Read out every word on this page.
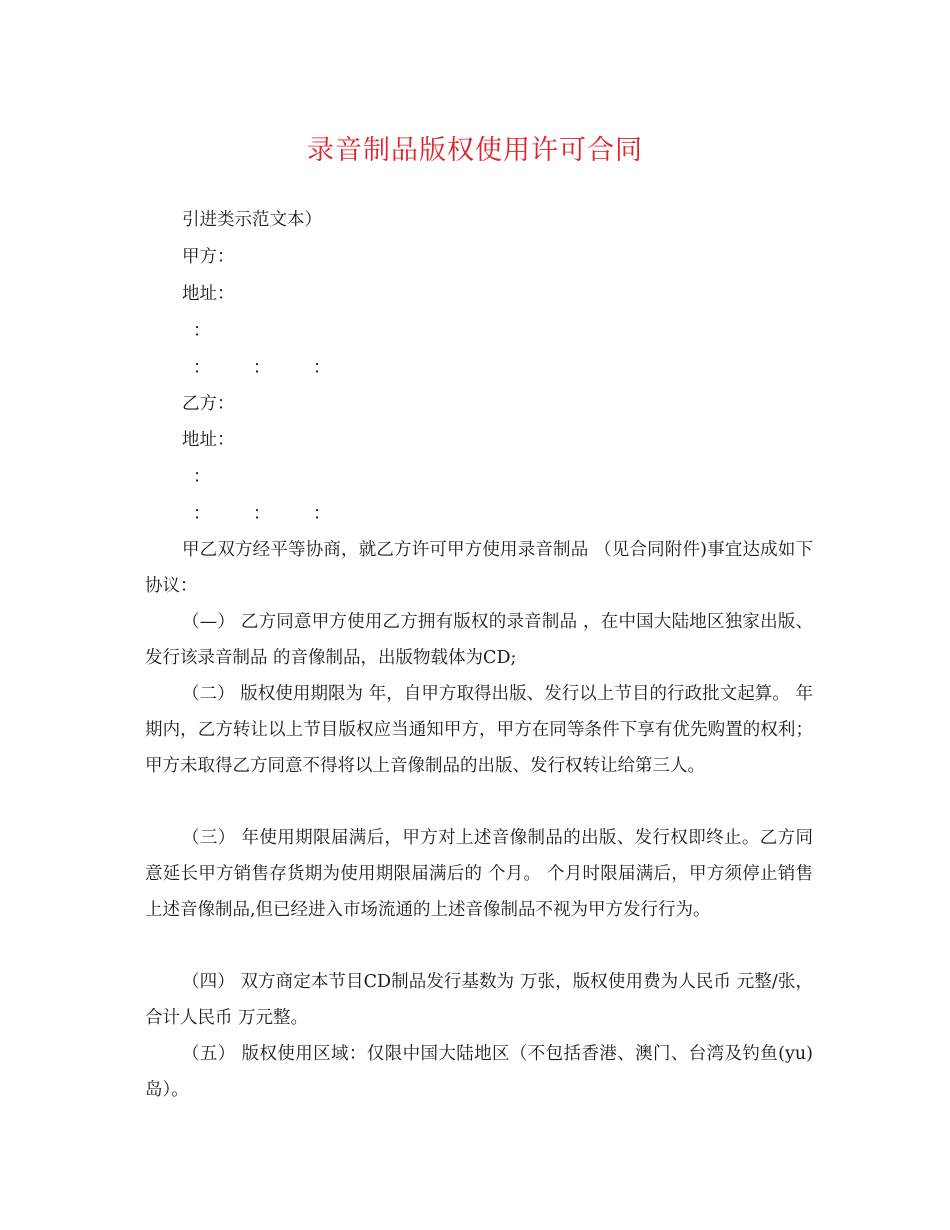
录音制品版权使用许可合同
引进类示范文本）
甲方：
地址：
：
： ： ：
乙方：
地址：
：
： ： ：

甲乙双方经平等协商，就乙方许可甲方使用录音制品 （见合同附件)事宜达成如下协议：

（—） 乙方同意甲方使用乙方拥有版权的录音制品 ，在中国大陆地区独家出版、发行该录音制品 的音像制品，出版物载体为CD;

（二） 版权使用期限为 年，自甲方取得出版、发行以上节目的行政批文起算。 年期内，乙方转让以上节目版权应当通知甲方，甲方在同等条件下享有优先购置的权利；甲方未取得乙方同意不得将以上音像制品的出版、发行权转让给第三人。

（三） 年使用期限届满后，甲方对上述音像制品的出版、发行权即终止。乙方同意延长甲方销售存货期为使用期限届满后的 个月。 个月时限届满后，甲方须停止销售上述音像制品,但已经进入市场流通的上述音像制品不视为甲方发行行为。

（四） 双方商定本节目CD制品发行基数为 万张，版权使用费为人民币 元整/张，合计人民币 万元整。

（五） 版权使用区域：仅限中国大陆地区（不包括香港、澳门、台湾及钓鱼(yu)岛）。
